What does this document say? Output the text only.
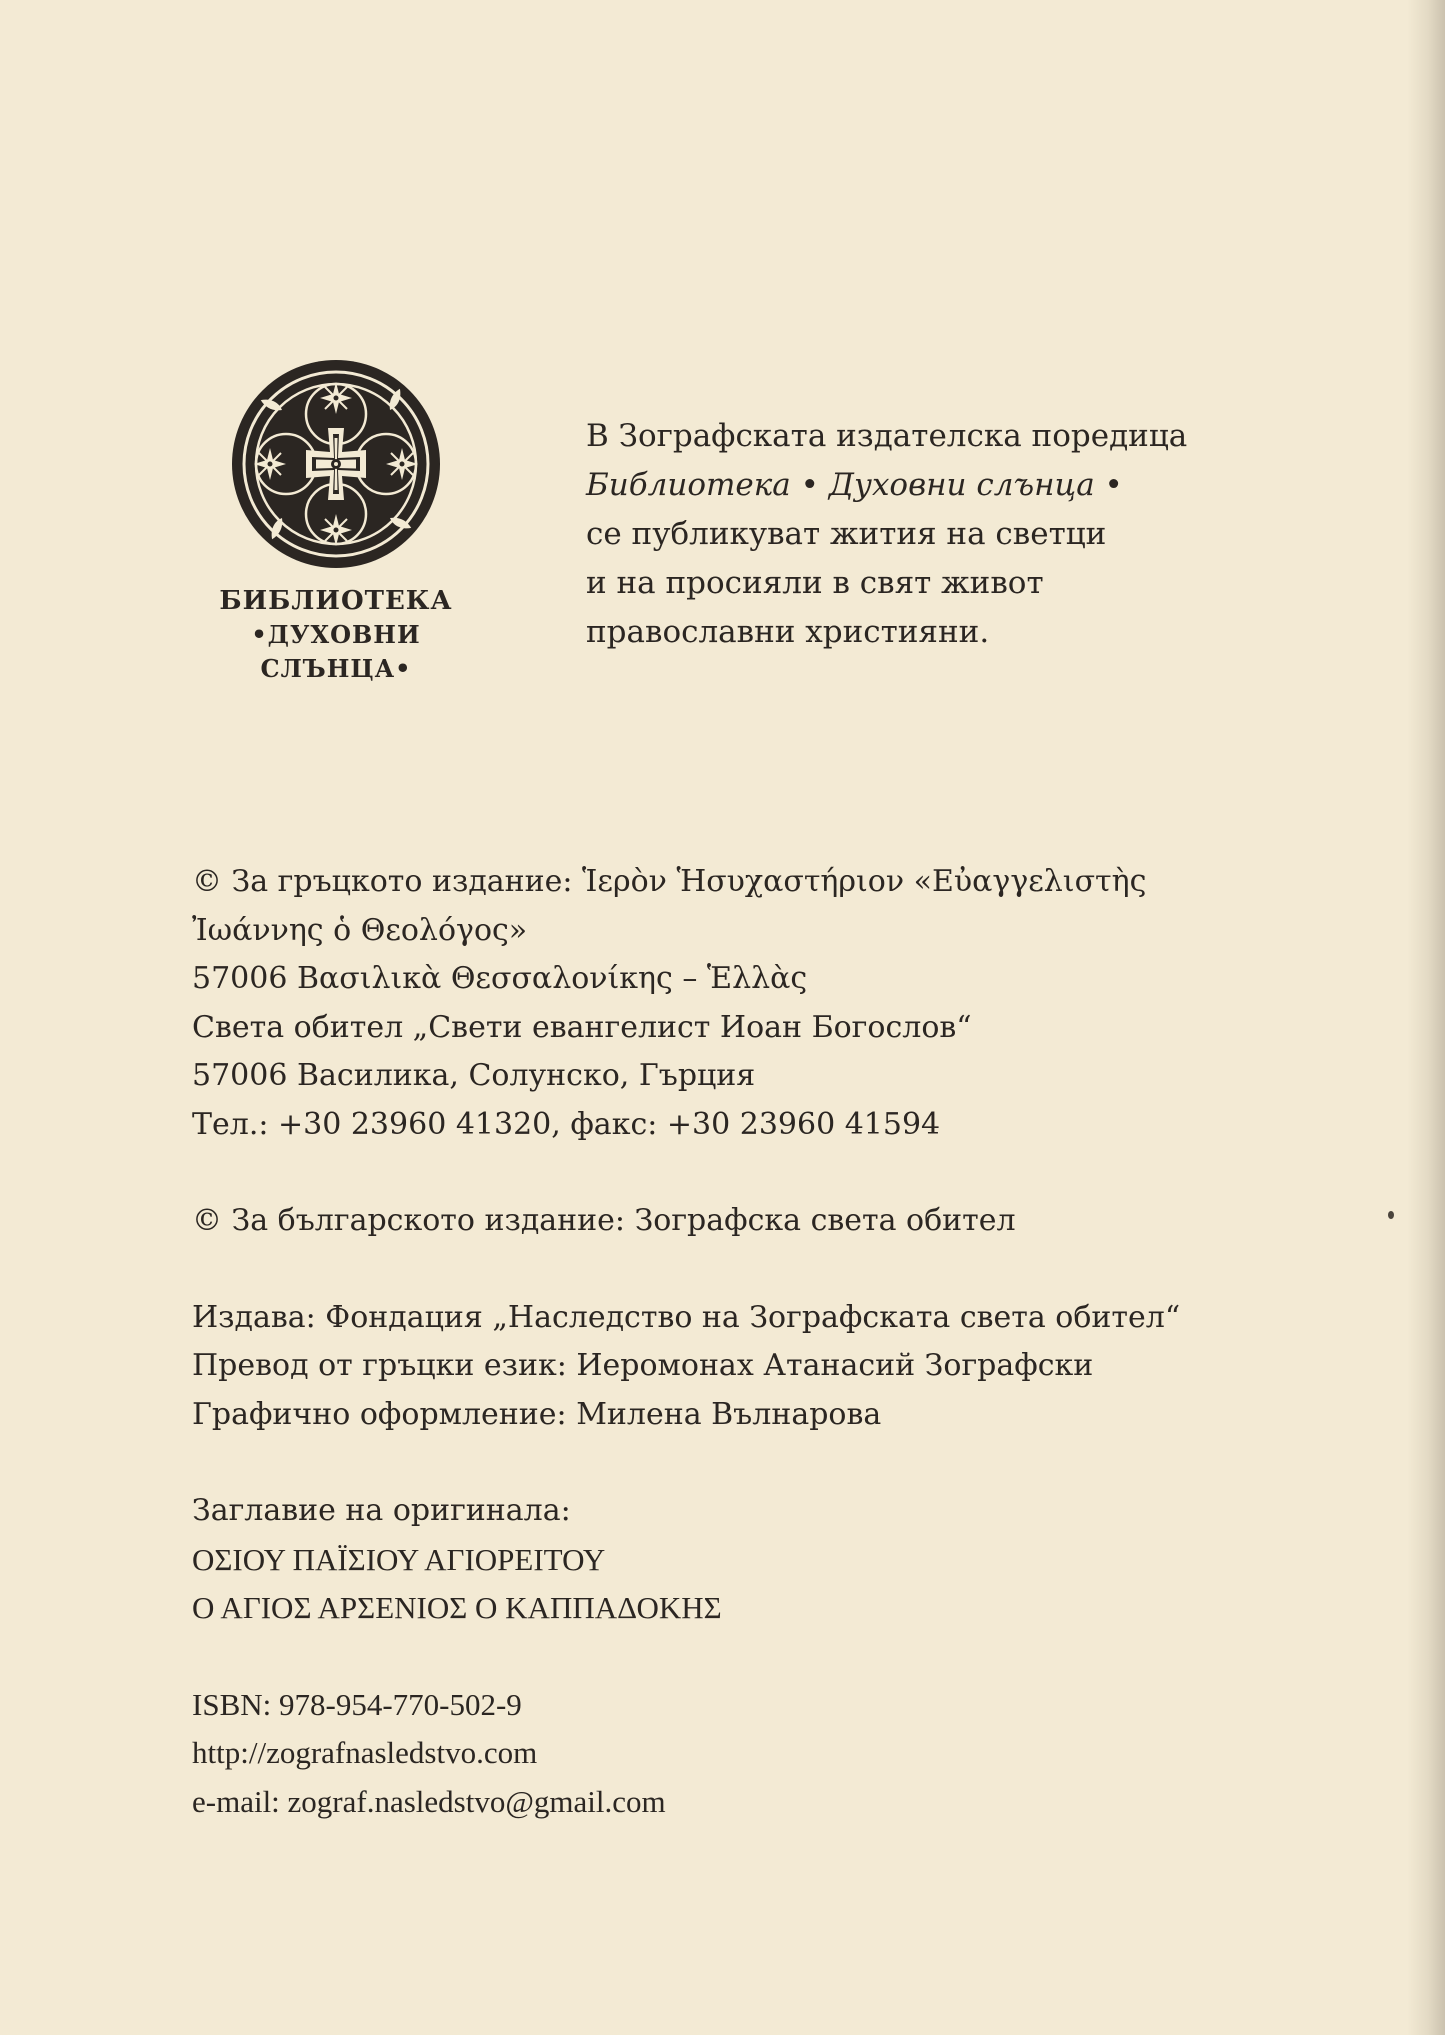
БИБЛИОТЕКА
•ДУХОВНИ СЛЪНЦА•
В Зографската издателска поредица
Библиотека • Духовни слънца •
се публикуват жития на светци
и на просияли в свят живот
православни християни.
© За гръцкото издание: Ἱερὸν Ἡσυχαστήριον «Εὐαγγελιστὴς
Ἰωάννης ὁ Θεολόγος»
57006 Βασιλικὰ Θεσσαλονίκης – Ἑλλὰς
Света обител „Свети евангелист Иоан Богослов“
57006 Василика, Солунско, Гърция
Тел.: +30 23960 41320, факс: +30 23960 41594
© За българското издание: Зографска света обител
Издава: Фондация „Наследство на Зографската света обител“
Превод от гръцки език: Иеромонах Атанасий Зографски
Графично оформление: Милена Вълнарова
Заглавие на оригинала:
ΟΣΙΟΥ ΠΑΪΣΙΟΥ ΑΓΙΟΡΕΙΤΟΥ
Ο ΑΓΙΟΣ ΑΡΣΕΝΙΟΣ Ο ΚΑΠΠΑΔΟΚΗΣ
ISBN: 978-954-770-502-9
http://zografnasledstvo.com
e-mail: zograf.nasledstvo@gmail.com
